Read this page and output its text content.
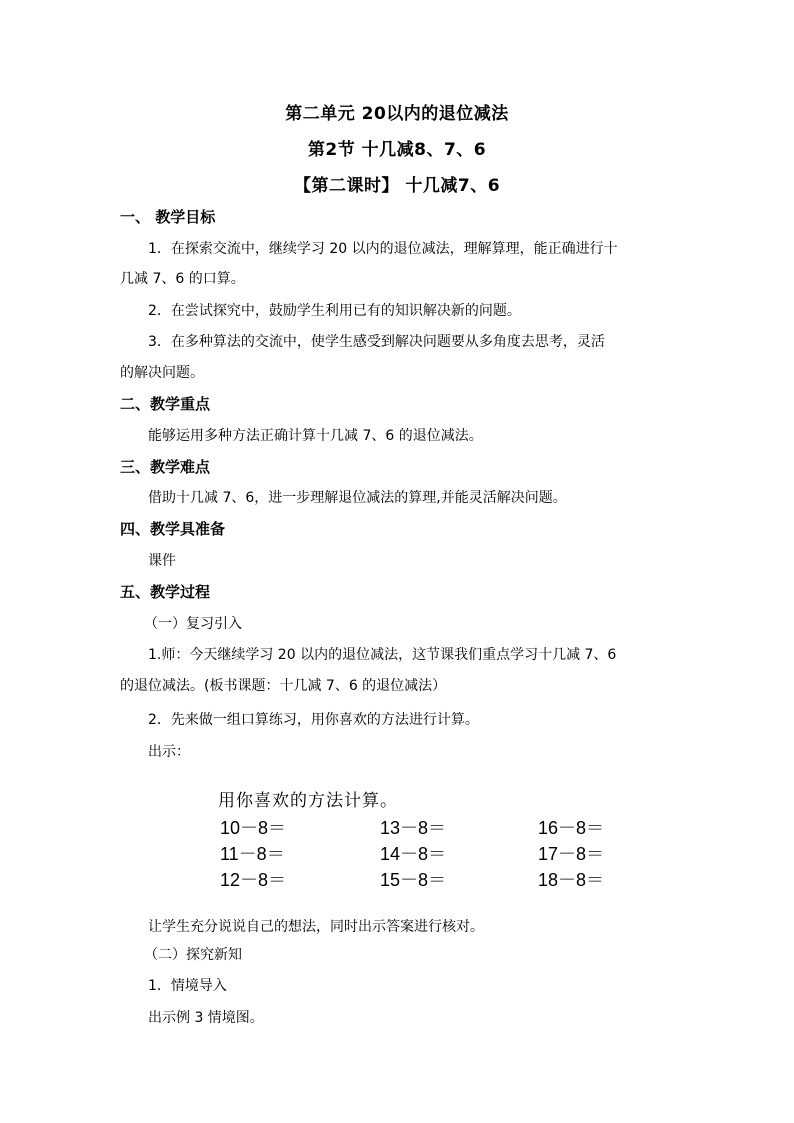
第二单元 20以内的退位减法
第2节 十几减8、7、6
【第二课时】 十几减7、6
一、 教学目标
1．在探索交流中，继续学习 20 以内的退位减法，理解算理，能正确进行十
几减 7、6 的口算。
2．在尝试探究中，鼓励学生利用已有的知识解决新的问题。
3．在多种算法的交流中，使学生感受到解决问题要从多角度去思考，灵活
的解决问题。
二、教学重点
能够运用多种方法正确计算十几减 7、6 的退位减法。
三、教学难点
借助十几减 7、6，进一步理解退位减法的算理,并能灵活解决问题。
四、教学具准备
课件
五、教学过程
（一）复习引入
1.师：今天继续学习 20 以内的退位减法，这节课我们重点学习十几减 7、6
的退位减法。(板书课题：十几减 7、6 的退位减法）
2．先来做一组口算练习，用你喜欢的方法进行计算。
出示：
用你喜欢的方法计算。
10－8＝	13－8＝	16－8＝
11－8＝	14－8＝	17－8＝
12－8＝	15－8＝	18－8＝
让学生充分说说自己的想法，同时出示答案进行核对。
（二）探究新知
1．情境导入
出示例 3 情境图。
